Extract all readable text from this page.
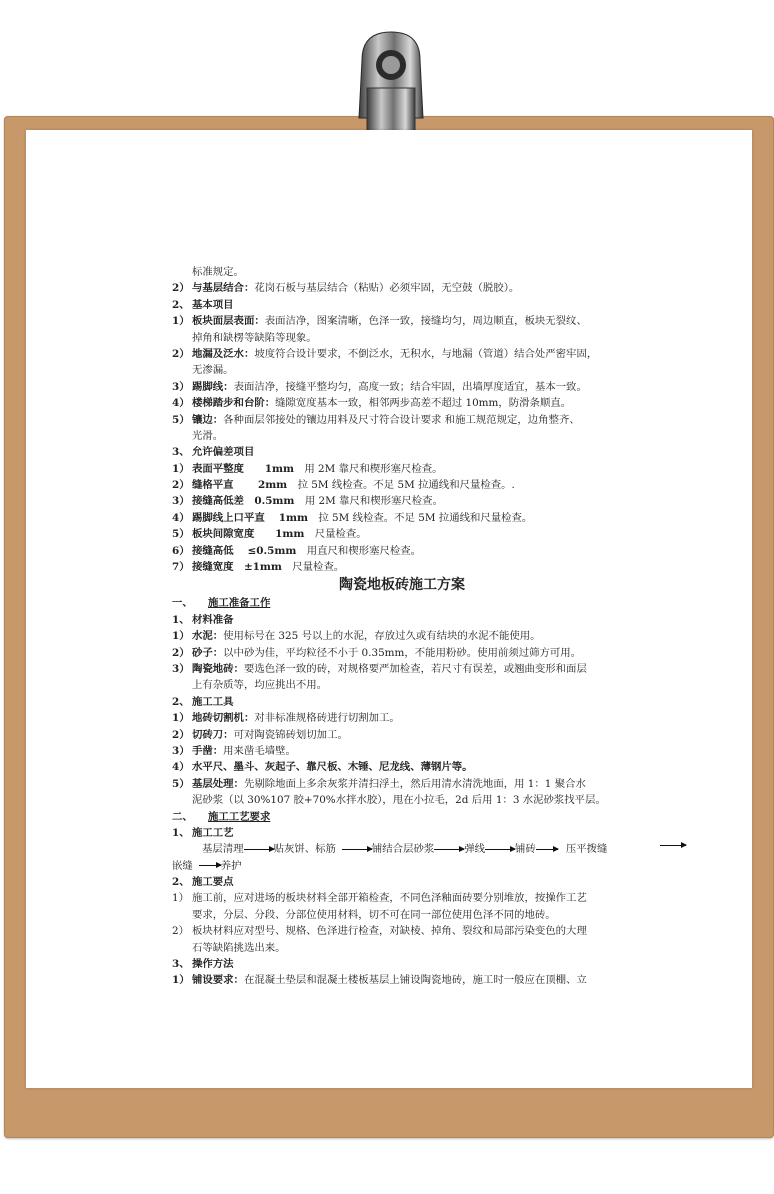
标准规定。
2） 与基层结合：花岗石板与基层结合（粘贴）必须牢固，无空鼓（脱胶）。
2、 基本项目
1） 板块面层表面：表面洁净，图案清晰，色泽一致，接缝均匀，周边顺直，板块无裂纹、
掉角和缺楞等缺陷等现象。
2） 地漏及泛水：坡度符合设计要求，不倒泛水，无积水，与地漏（管道）结合处严密牢固，
无渗漏。
3） 踢脚线：表面洁净，接缝平整均匀，高度一致；结合牢固，出墙厚度适宜，基本一致。
4） 楼梯踏步和台阶：缝隙宽度基本一致，相邻两步高差不超过 10mm，防滑条顺直。
5） 镶边：各种面层邻接处的镶边用料及尺寸符合设计要求 和施工规范规定，边角整齐、
光滑。
3、 允许偏差项目
1） 表面平整度　　1mm　用 2M 靠尺和楔形塞尺检查。
2） 缝格平直　　 2mm　拉 5M 线检查。不足 5M 拉通线和尺量检查。.
3） 接缝高低差　0.5mm　用 2M 靠尺和楔形塞尺检查。
4） 踢脚线上口平直　 1mm　拉 5M 线检查。不足 5M 拉通线和尺量检查。
5） 板块间隙宽度　　1mm　尺量检查。
6） 接缝高低　 ≤0.5mm　用直尺和楔形塞尺检查。
7） 接缝宽度　±1mm　尺量检查。
陶瓷地板砖施工方案
一、 施工准备工作
1、 材料准备
1） 水泥：使用标号在 325 号以上的水泥，存放过久或有结块的水泥不能使用。
2） 砂子：以中砂为佳，平均粒径不小于 0.35mm，不能用粉砂。使用前须过筛方可用。
3） 陶瓷地砖：要选色泽一致的砖，对规格要严加检查，若尺寸有误差，或翘曲变形和面层
上有杂质等，均应挑出不用。
2、 施工工具
1） 地砖切割机：对非标准规格砖进行切割加工。
2） 切砖刀：可对陶瓷锦砖划切加工。
3） 手凿：用来凿毛墙壁。
4） 水平尺、墨斗、灰起子、靠尺板、木锤、尼龙线、薄钢片等。
5） 基层处理：先剔除地面上多余灰浆并清扫浮土，然后用清水清洗地面，用 1：1 聚合水
泥砂浆（以 30%107 胶+70%水拌水胶），甩在小拉毛，2d 后用 1：3 水泥砂浆找平层。
二、 施工工艺要求
1、 施工工艺
基层清理	贴灰饼、标筋	铺结合层砂浆	弹线	铺砖	压平拨缝
嵌缝	养护
2、 施工要点
1） 施工前，应对进场的板块材料全部开箱检查，不同色泽釉面砖要分别堆放，按操作工艺
要求，分层、分段、分部位使用材料，切不可在同一部位使用色泽不同的地砖。
2） 板块材料应对型号、规格、色泽进行检查，对缺棱、掉角、裂纹和局部污染变色的大理
石等缺陷挑选出来。
3、 操作方法
1） 铺设要求：在混凝土垫层和混凝土楼板基层上铺设陶瓷地砖，施工时一般应在顶棚、立
